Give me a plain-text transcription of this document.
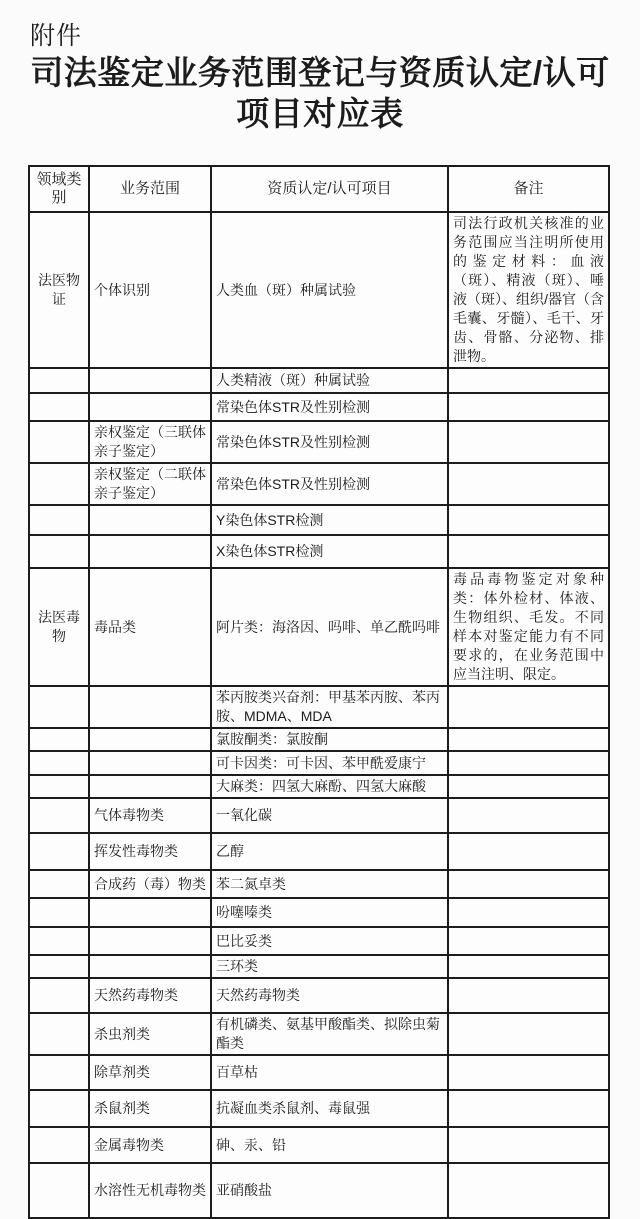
附件
司法鉴定业务范围登记与资质认定/认可
项目对应表
领域类别	业务范围	资质认定/认可项目	备注
法医物证	个体识别	人类血（斑）种属试验	司法行政机关核准的业务范围应当注明所使用的鉴定材料：血液（斑）、精液（斑）、唾液（斑）、组织/器官（含毛囊、牙髓）、毛干、牙齿、骨骼、分泌物、排泄物。
		人类精液（斑）种属试验	
		常染色体STR及性别检测	
	亲权鉴定（三联体亲子鉴定）	常染色体STR及性别检测	
	亲权鉴定（二联体亲子鉴定）	常染色体STR及性别检测	
		Y染色体STR检测	
		X染色体STR检测	
法医毒物	毒品类	阿片类：海洛因、吗啡、单乙酰吗啡	毒品毒物鉴定对象种类：体外检材、体液、生物组织、毛发。不同样本对鉴定能力有不同要求的，在业务范围中应当注明、限定。
		苯丙胺类兴奋剂：甲基苯丙胺、苯丙胺、MDMA、MDA	
		氯胺酮类：氯胺酮	
		可卡因类：可卡因、苯甲酰爱康宁	
		大麻类：四氢大麻酚、四氢大麻酸	
	气体毒物类	一氧化碳	
	挥发性毒物类	乙醇	
	合成药（毒）物类	苯二氮卓类	
		吩噻嗪类	
		巴比妥类	
		三环类	
	天然药毒物类	天然药毒物类	
	杀虫剂类	有机磷类、氨基甲酸酯类、拟除虫菊酯类	
	除草剂类	百草枯	
	杀鼠剂类	抗凝血类杀鼠剂、毒鼠强	
	金属毒物类	砷、汞、铅	
	水溶性无机毒物类	亚硝酸盐	
